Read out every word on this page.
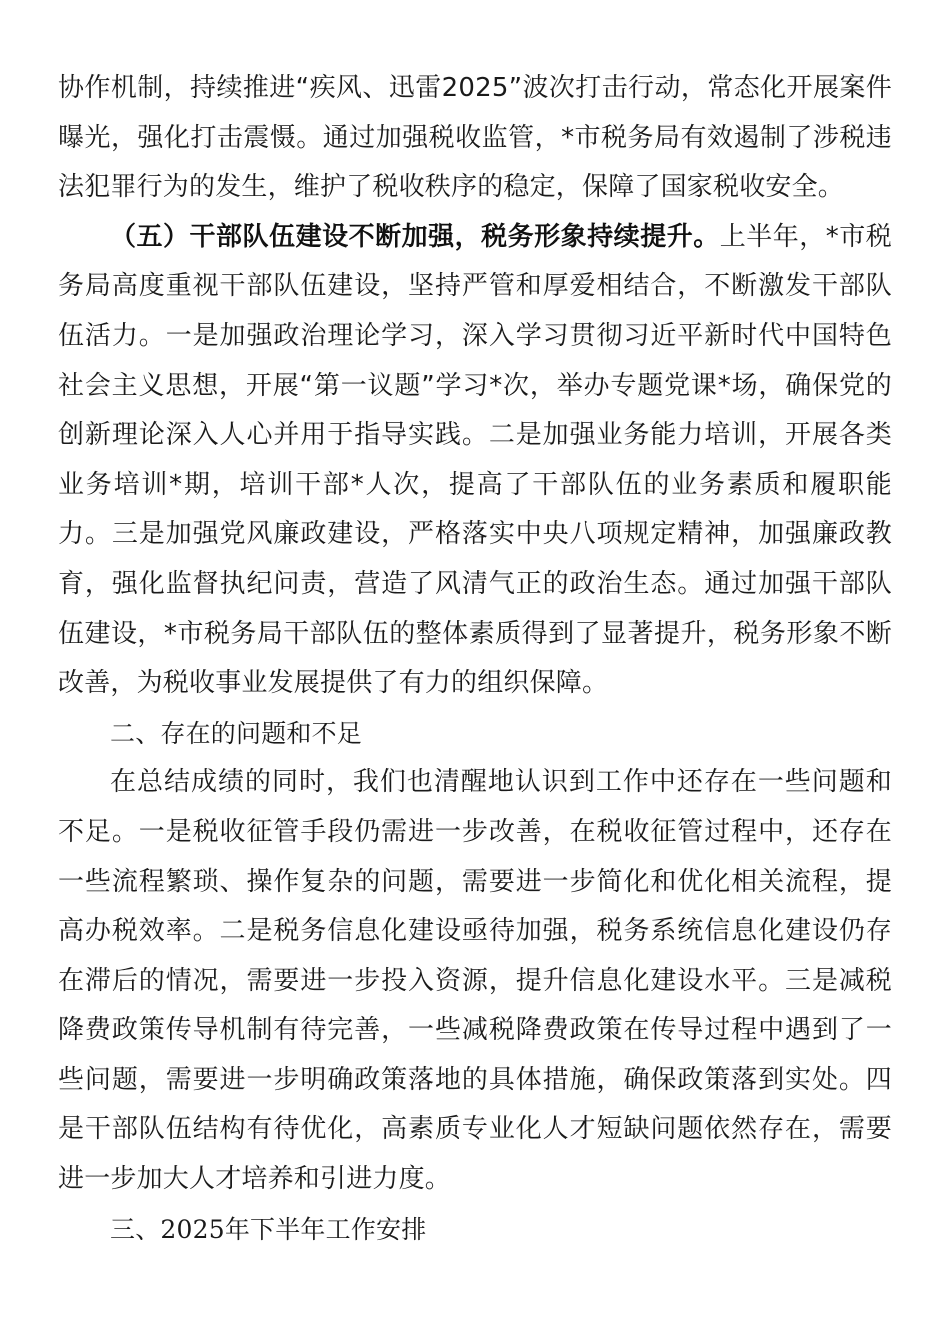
协作机制，持续推进“疾风、迅雷2025”波次打击行动，常态化开展案件曝光，强化打击震慑。通过加强税收监管，*市税务局有效遏制了涉税违法犯罪行为的发生，维护了税收秩序的稳定，保障了国家税收安全。

（五）干部队伍建设不断加强，税务形象持续提升。上半年，*市税务局高度重视干部队伍建设，坚持严管和厚爱相结合，不断激发干部队伍活力。一是加强政治理论学习，深入学习贯彻习近平新时代中国特色社会主义思想，开展“第一议题”学习*次，举办专题党课*场，确保党的创新理论深入人心并用于指导实践。二是加强业务能力培训，开展各类业务培训*期，培训干部*人次，提高了干部队伍的业务素质和履职能力。三是加强党风廉政建设，严格落实中央八项规定精神，加强廉政教育，强化监督执纪问责，营造了风清气正的政治生态。通过加强干部队伍建设，*市税务局干部队伍的整体素质得到了显著提升，税务形象不断改善，为税收事业发展提供了有力的组织保障。

二、存在的问题和不足

在总结成绩的同时，我们也清醒地认识到工作中还存在一些问题和不足。一是税收征管手段仍需进一步改善，在税收征管过程中，还存在一些流程繁琐、操作复杂的问题，需要进一步简化和优化相关流程，提高办税效率。二是税务信息化建设亟待加强，税务系统信息化建设仍存在滞后的情况，需要进一步投入资源，提升信息化建设水平。三是减税降费政策传导机制有待完善，一些减税降费政策在传导过程中遇到了一些问题，需要进一步明确政策落地的具体措施，确保政策落到实处。四是干部队伍结构有待优化，高素质专业化人才短缺问题依然存在，需要进一步加大人才培养和引进力度。

三、2025年下半年工作安排
